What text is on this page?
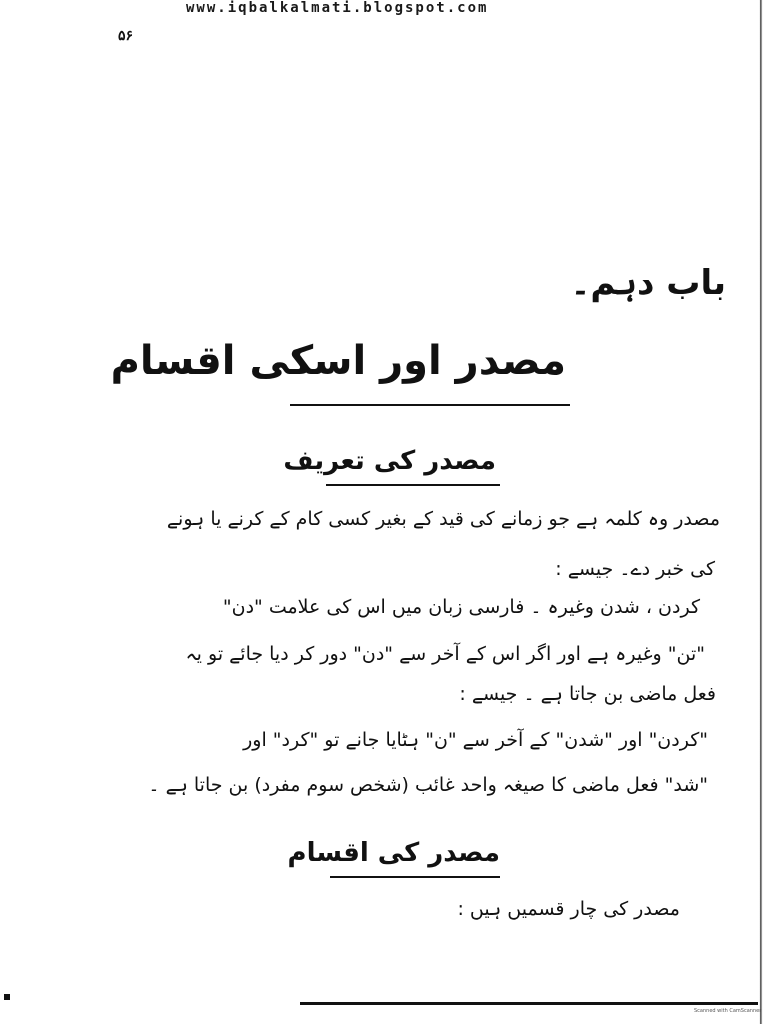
www.iqbalkalmati.blogspot.com
۵۶
باب دہم۔
مصدر اور اسکی اقسام
مصدر کی تعریف
مصدر وہ کلمہ ہے جو زمانے کی قید کے بغیر کسی کام کے کرنے یا ہونے
کی خبر دے۔ جیسے :
کردن ، شدن وغیرہ ۔ فارسی زبان میں اس کی علامت "دن"
"تن" وغیرہ ہے اور اگر اس کے آخر سے "دن" دور کر دیا جائے تو یہ
فعل ماضی بن جاتا ہے ۔ جیسے :
"کردن" اور "شدن" کے آخر سے "ن" ہٹایا جانے تو "کرد" اور
"شد" فعل ماضی کا صیغہ واحد غائب (شخص سوم مفرد) بن جاتا ہے ۔
مصدر کی اقسام
مصدر کی چار قسمیں ہیں :
Scanned with CamScanner
